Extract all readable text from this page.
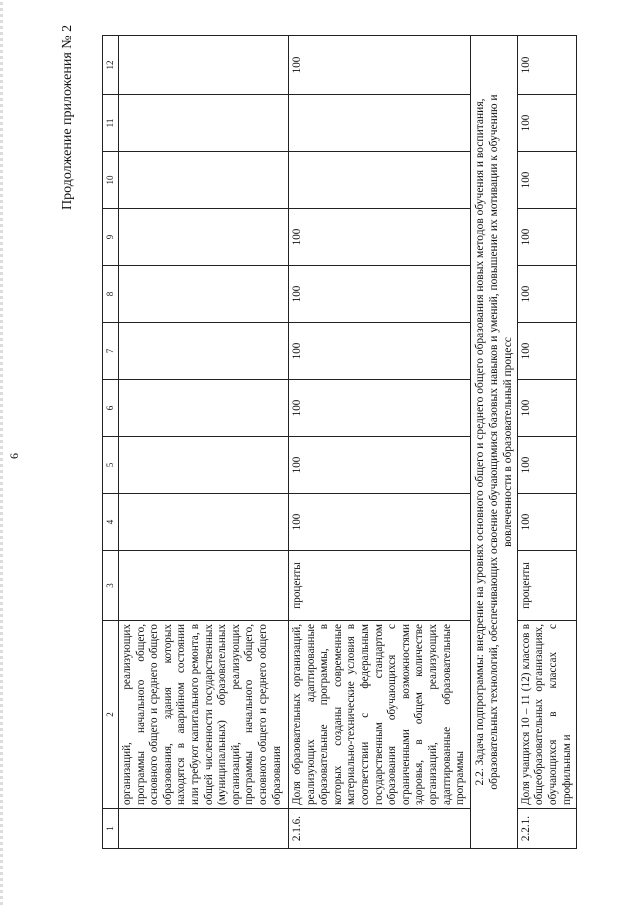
6
Продолжение приложения № 2
1	2	3	4	5	6	7	8	9	10	11	12
	организаций, реализующих программы начального общего, основного общего и среднего общего образования, здания которых находятся в аварийном состоянии или требуют капитального ремонта, в общей численности государственных (муниципальных) образовательных организаций, реализующих программы начального общего, основного общего и среднего общего образования										
2.1.6.	Доля образовательных организаций, реализующих адаптированные образовательные программы, в которых созданы современные материально-технические условия в соответствии с федеральным государственным стандартом образования обучающихся с ограниченными возможностями здоровья, в общем количестве организаций, реализующих адаптированные образовательные программы	проценты	100	100	100	100	100	100			100

2.2. Задача подпрограммы: внедрение на уровнях основного общего и среднего общего образования новых методов обучения и воспитания, образовательных технологий, обеспечивающих освоение обучающимися базовых навыков и умений, повышение их мотивации к обучению и вовлеченности в образовательный процесс											

2.2.1.	Доля учащихся 10 – 11 (12) классов в общеобразовательных организациях, обучающихся в классах с профильным и	проценты	100	100	100	100	100	100	100	100	100
